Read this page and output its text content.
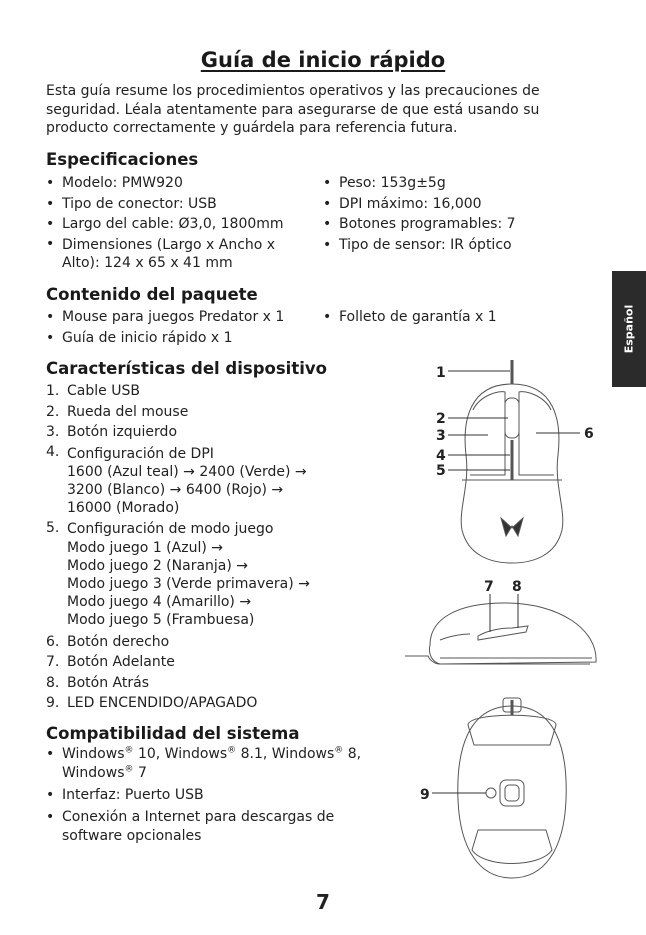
Guía de inicio rápido
Esta guía resume los procedimientos operativos y las precauciones de seguridad. Léala atentamente para asegurarse de que está usando su producto correctamente y guárdela para referencia futura.
Español
Especificaciones
• Modelo: PMW920
• Tipo de conector: USB
• Largo del cable: Ø3,0, 1800mm
• Dimensiones (Largo x Ancho x Alto): 124 x 65 x 41 mm
• Peso: 153g±5g
• DPI máximo: 16,000
• Botones programables: 7
• Tipo de sensor: IR óptico
Contenido del paquete
• Mouse para juegos Predator x 1
• Guía de inicio rápido x 1
• Folleto de garantía x 1
Características del dispositivo
1. Cable USB
2. Rueda del mouse
3. Botón izquierdo
4. Configuración de DPI
1600 (Azul teal) → 2400 (Verde) →
3200 (Blanco) → 6400 (Rojo) →
16000 (Morado)
5. Configuración de modo juego
Modo juego 1 (Azul) →
Modo juego 2 (Naranja) →
Modo juego 3 (Verde primavera) →
Modo juego 4 (Amarillo) →
Modo juego 5 (Frambuesa)
6. Botón derecho
7. Botón Adelante
8. Botón Atrás
9. LED ENCENDIDO/APAGADO
Compatibilidad del sistema
• Windows® 10, Windows® 8.1, Windows® 8,
Windows® 7
• Interfaz: Puerto USB
• Conexión a Internet para descargas de software opcionales
1
2
3
4
5
6
7 8
9
7
